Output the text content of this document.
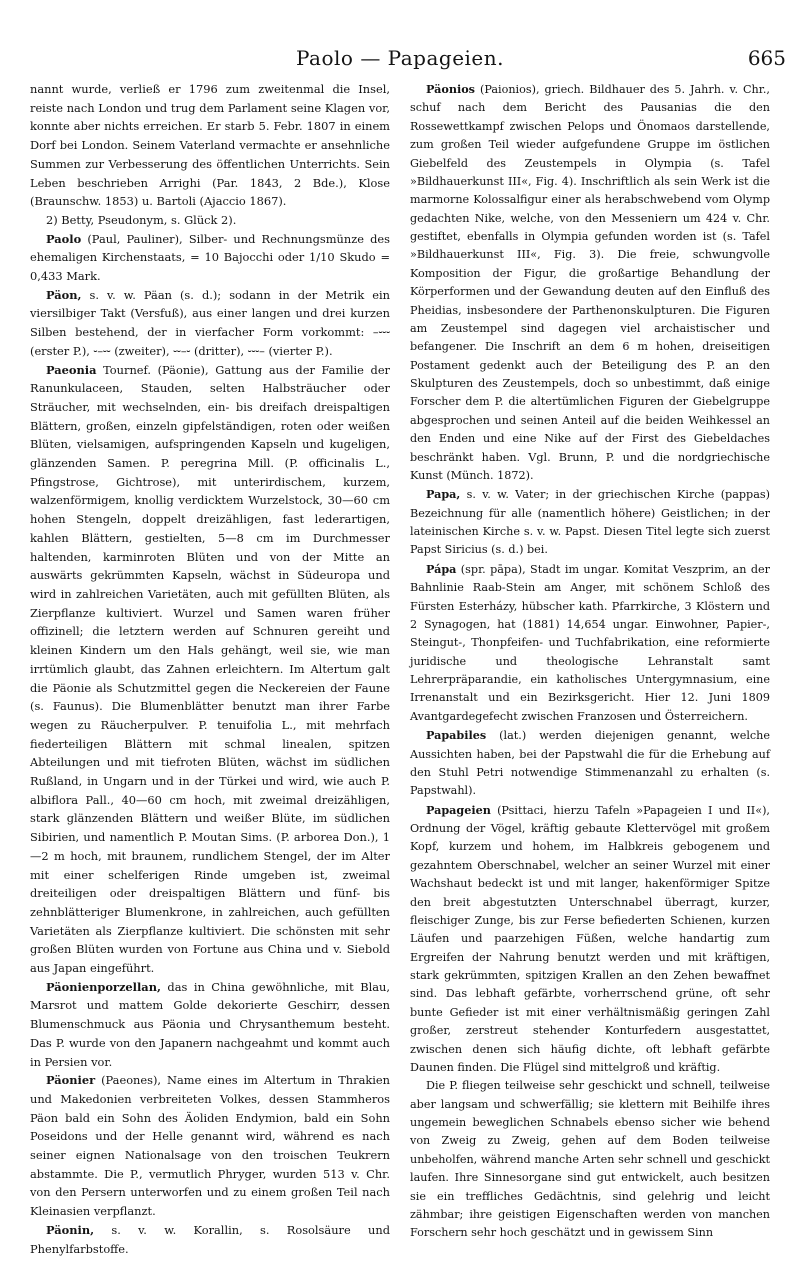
Paolo — Papageien.	665

nannt wurde, verließ er 1796 zum zweitenmal die Insel, reiste nach London und trug dem Parlament seine Klagen vor, konnte aber nichts erreichen. Er starb 5. Febr. 1807 in einem Dorf bei London. Seinem Vaterland vermachte er ansehnliche Summen zur Verbesserung des öffentlichen Unterrichts. Sein Leben beschrieben Arrighi (Par. 1843, 2 Bde.), Klose (Braunschw. 1853) u. Bartoli (Ajaccio 1867).

2) Betty, Pseudonym, s. Glück 2).

Paolo (Paul, Pauliner), Silber- und Rechnungsmünze des ehemaligen Kirchenstaats, = 10 Bajocchi oder 1/10 Skudo = 0,433 Mark.

Päon, s. v. w. Päan (s. d.); sodann in der Metrik ein viersilbiger Takt (Versfuß), aus einer langen und drei kurzen Silben bestehend, der in vierfacher Form vorkommt: –⏑⏑⏑ (erster P.), ⏑–⏑⏑ (zweiter), ⏑⏑–⏑ (dritter), ⏑⏑⏑– (vierter P.).

Paeonia Tournef. (Päonie), Gattung aus der Familie der Ranunkulaceen, Stauden, selten Halbsträucher oder Sträucher, mit wechselnden, ein- bis dreifach dreispaltigen Blättern, großen, einzeln gipfelständigen, roten oder weißen Blüten, vielsamigen, aufspringenden Kapseln und kugeligen, glänzenden Samen. P. peregrina Mill. (P. officinalis L., Pfingstrose, Gichtrose), mit unterirdischem, kurzem, walzenförmigem, knollig verdicktem Wurzelstock, 30—60 cm hohen Stengeln, doppelt dreizähligen, fast lederartigen, kahlen Blättern, gestielten, 5—8 cm im Durchmesser haltenden, karminroten Blüten und von der Mitte an auswärts gekrümmten Kapseln, wächst in Südeuropa und wird in zahlreichen Varietäten, auch mit gefüllten Blüten, als Zierpflanze kultiviert. Wurzel und Samen waren früher offizinell; die letztern werden auf Schnuren gereiht und kleinen Kindern um den Hals gehängt, weil sie, wie man irrtümlich glaubt, das Zahnen erleichtern. Im Altertum galt die Päonie als Schutzmittel gegen die Neckereien der Faune (s. Faunus). Die Blumenblätter benutzt man ihrer Farbe wegen zu Räucherpulver. P. tenuifolia L., mit mehrfach fiederteiligen Blättern mit schmal linealen, spitzen Abteilungen und mit tiefroten Blüten, wächst im südlichen Rußland, in Ungarn und in der Türkei und wird, wie auch P. albiflora Pall., 40—60 cm hoch, mit zweimal dreizähligen, stark glänzenden Blättern und weißer Blüte, im südlichen Sibirien, und namentlich P. Moutan Sims. (P. arborea Don.), 1—2 m hoch, mit braunem, rundlichem Stengel, der im Alter mit einer schelferigen Rinde umgeben ist, zweimal dreiteiligen oder dreispaltigen Blättern und fünf- bis zehnblätteriger Blumenkrone, in zahlreichen, auch gefüllten Varietäten als Zierpflanze kultiviert. Die schönsten mit sehr großen Blüten wurden von Fortune aus China und v. Siebold aus Japan eingeführt.

Päonienporzellan, das in China gewöhnliche, mit Blau, Marsrot und mattem Golde dekorierte Geschirr, dessen Blumenschmuck aus Päonia und Chrysanthemum besteht. Das P. wurde von den Japanern nachgeahmt und kommt auch in Persien vor.

Päonier (Paeones), Name eines im Altertum in Thrakien und Makedonien verbreiteten Volkes, dessen Stammheros Päon bald ein Sohn des Äoliden Endymion, bald ein Sohn Poseidons und der Helle genannt wird, während es nach seiner eignen Nationalsage von den troischen Teukrern abstammte. Die P., vermutlich Phryger, wurden 513 v. Chr. von den Persern unterworfen und zu einem großen Teil nach Kleinasien verpflanzt.

Päonin, s. v. w. Korallin, s. Rosolsäure und Phenylfarbstoffe.

Päonios (Paionios), griech. Bildhauer des 5. Jahrh. v. Chr., schuf nach dem Bericht des Pausanias die den Rossewettkampf zwischen Pelops und Önomaos darstellende, zum großen Teil wieder aufgefundene Gruppe im östlichen Giebelfeld des Zeustempels in Olympia (s. Tafel »Bildhauerkunst III«, Fig. 4). Inschriftlich als sein Werk ist die marmorne Kolossalfigur einer als herabschwebend vom Olymp gedachten Nike, welche, von den Messeniern um 424 v. Chr. gestiftet, ebenfalls in Olympia gefunden worden ist (s. Tafel »Bildhauerkunst III«, Fig. 3). Die freie, schwungvolle Komposition der Figur, die großartige Behandlung der Körperformen und der Gewandung deuten auf den Einfluß des Pheidias, insbesondere der Parthenonskulpturen. Die Figuren am Zeustempel sind dagegen viel archaistischer und befangener. Die Inschrift an dem 6 m hohen, dreiseitigen Postament gedenkt auch der Beteiligung des P. an den Skulpturen des Zeustempels, doch so unbestimmt, daß einige Forscher dem P. die altertümlichen Figuren der Giebelgruppe abgesprochen und seinen Anteil auf die beiden Weihkessel an den Enden und eine Nike auf der First des Giebeldaches beschränkt haben. Vgl. Brunn, P. und die nordgriechische Kunst (Münch. 1872).

Papa, s. v. w. Vater; in der griechischen Kirche (pappas) Bezeichnung für alle (namentlich höhere) Geistlichen; in der lateinischen Kirche s. v. w. Papst. Diesen Titel legte sich zuerst Papst Siricius (s. d.) bei.

Pápa (spr. pāpa), Stadt im ungar. Komitat Veszprim, an der Bahnlinie Raab-Stein am Anger, mit schönem Schloß des Fürsten Esterházy, hübscher kath. Pfarrkirche, 3 Klöstern und 2 Synagogen, hat (1881) 14,654 ungar. Einwohner, Papier-, Steingut-, Thonpfeifen- und Tuchfabrikation, eine reformierte juridische und theologische Lehranstalt samt Lehrerpräparandie, ein katholisches Untergymnasium, eine Irrenanstalt und ein Bezirksgericht. Hier 12. Juni 1809 Avantgardegefecht zwischen Franzosen und Österreichern.

Papabiles (lat.) werden diejenigen genannt, welche Aussichten haben, bei der Papstwahl die für die Erhebung auf den Stuhl Petri notwendige Stimmenanzahl zu erhalten (s. Papstwahl).

Papageien (Psittaci, hierzu Tafeln »Papageien I und II«), Ordnung der Vögel, kräftig gebaute Klettervögel mit großem Kopf, kurzem und hohem, im Halbkreis gebogenem und gezahntem Oberschnabel, welcher an seiner Wurzel mit einer Wachshaut bedeckt ist und mit langer, hakenförmiger Spitze den breit abgestutzten Unterschnabel überragt, kurzer, fleischiger Zunge, bis zur Ferse befiederten Schienen, kurzen Läufen und paarzehigen Füßen, welche handartig zum Ergreifen der Nahrung benutzt werden und mit kräftigen, stark gekrümmten, spitzigen Krallen an den Zehen bewaffnet sind. Das lebhaft gefärbte, vorherrschend grüne, oft sehr bunte Gefieder ist mit einer verhältnismäßig geringen Zahl großer, zerstreut stehender Konturfedern ausgestattet, zwischen denen sich häufig dichte, oft lebhaft gefärbte Daunen finden. Die Flügel sind mittelgroß und kräftig.

Die P. fliegen teilweise sehr geschickt und schnell, teilweise aber langsam und schwerfällig; sie klettern mit Beihilfe ihres ungemein beweglichen Schnabels ebenso sicher wie behend von Zweig zu Zweig, gehen auf dem Boden teilweise unbeholfen, während manche Arten sehr schnell und geschickt laufen. Ihre Sinnesorgane sind gut entwickelt, auch besitzen sie ein treffliches Gedächtnis, sind gelehrig und leicht zähmbar; ihre geistigen Eigenschaften werden von manchen Forschern sehr hoch geschätzt und in gewissem Sinn
